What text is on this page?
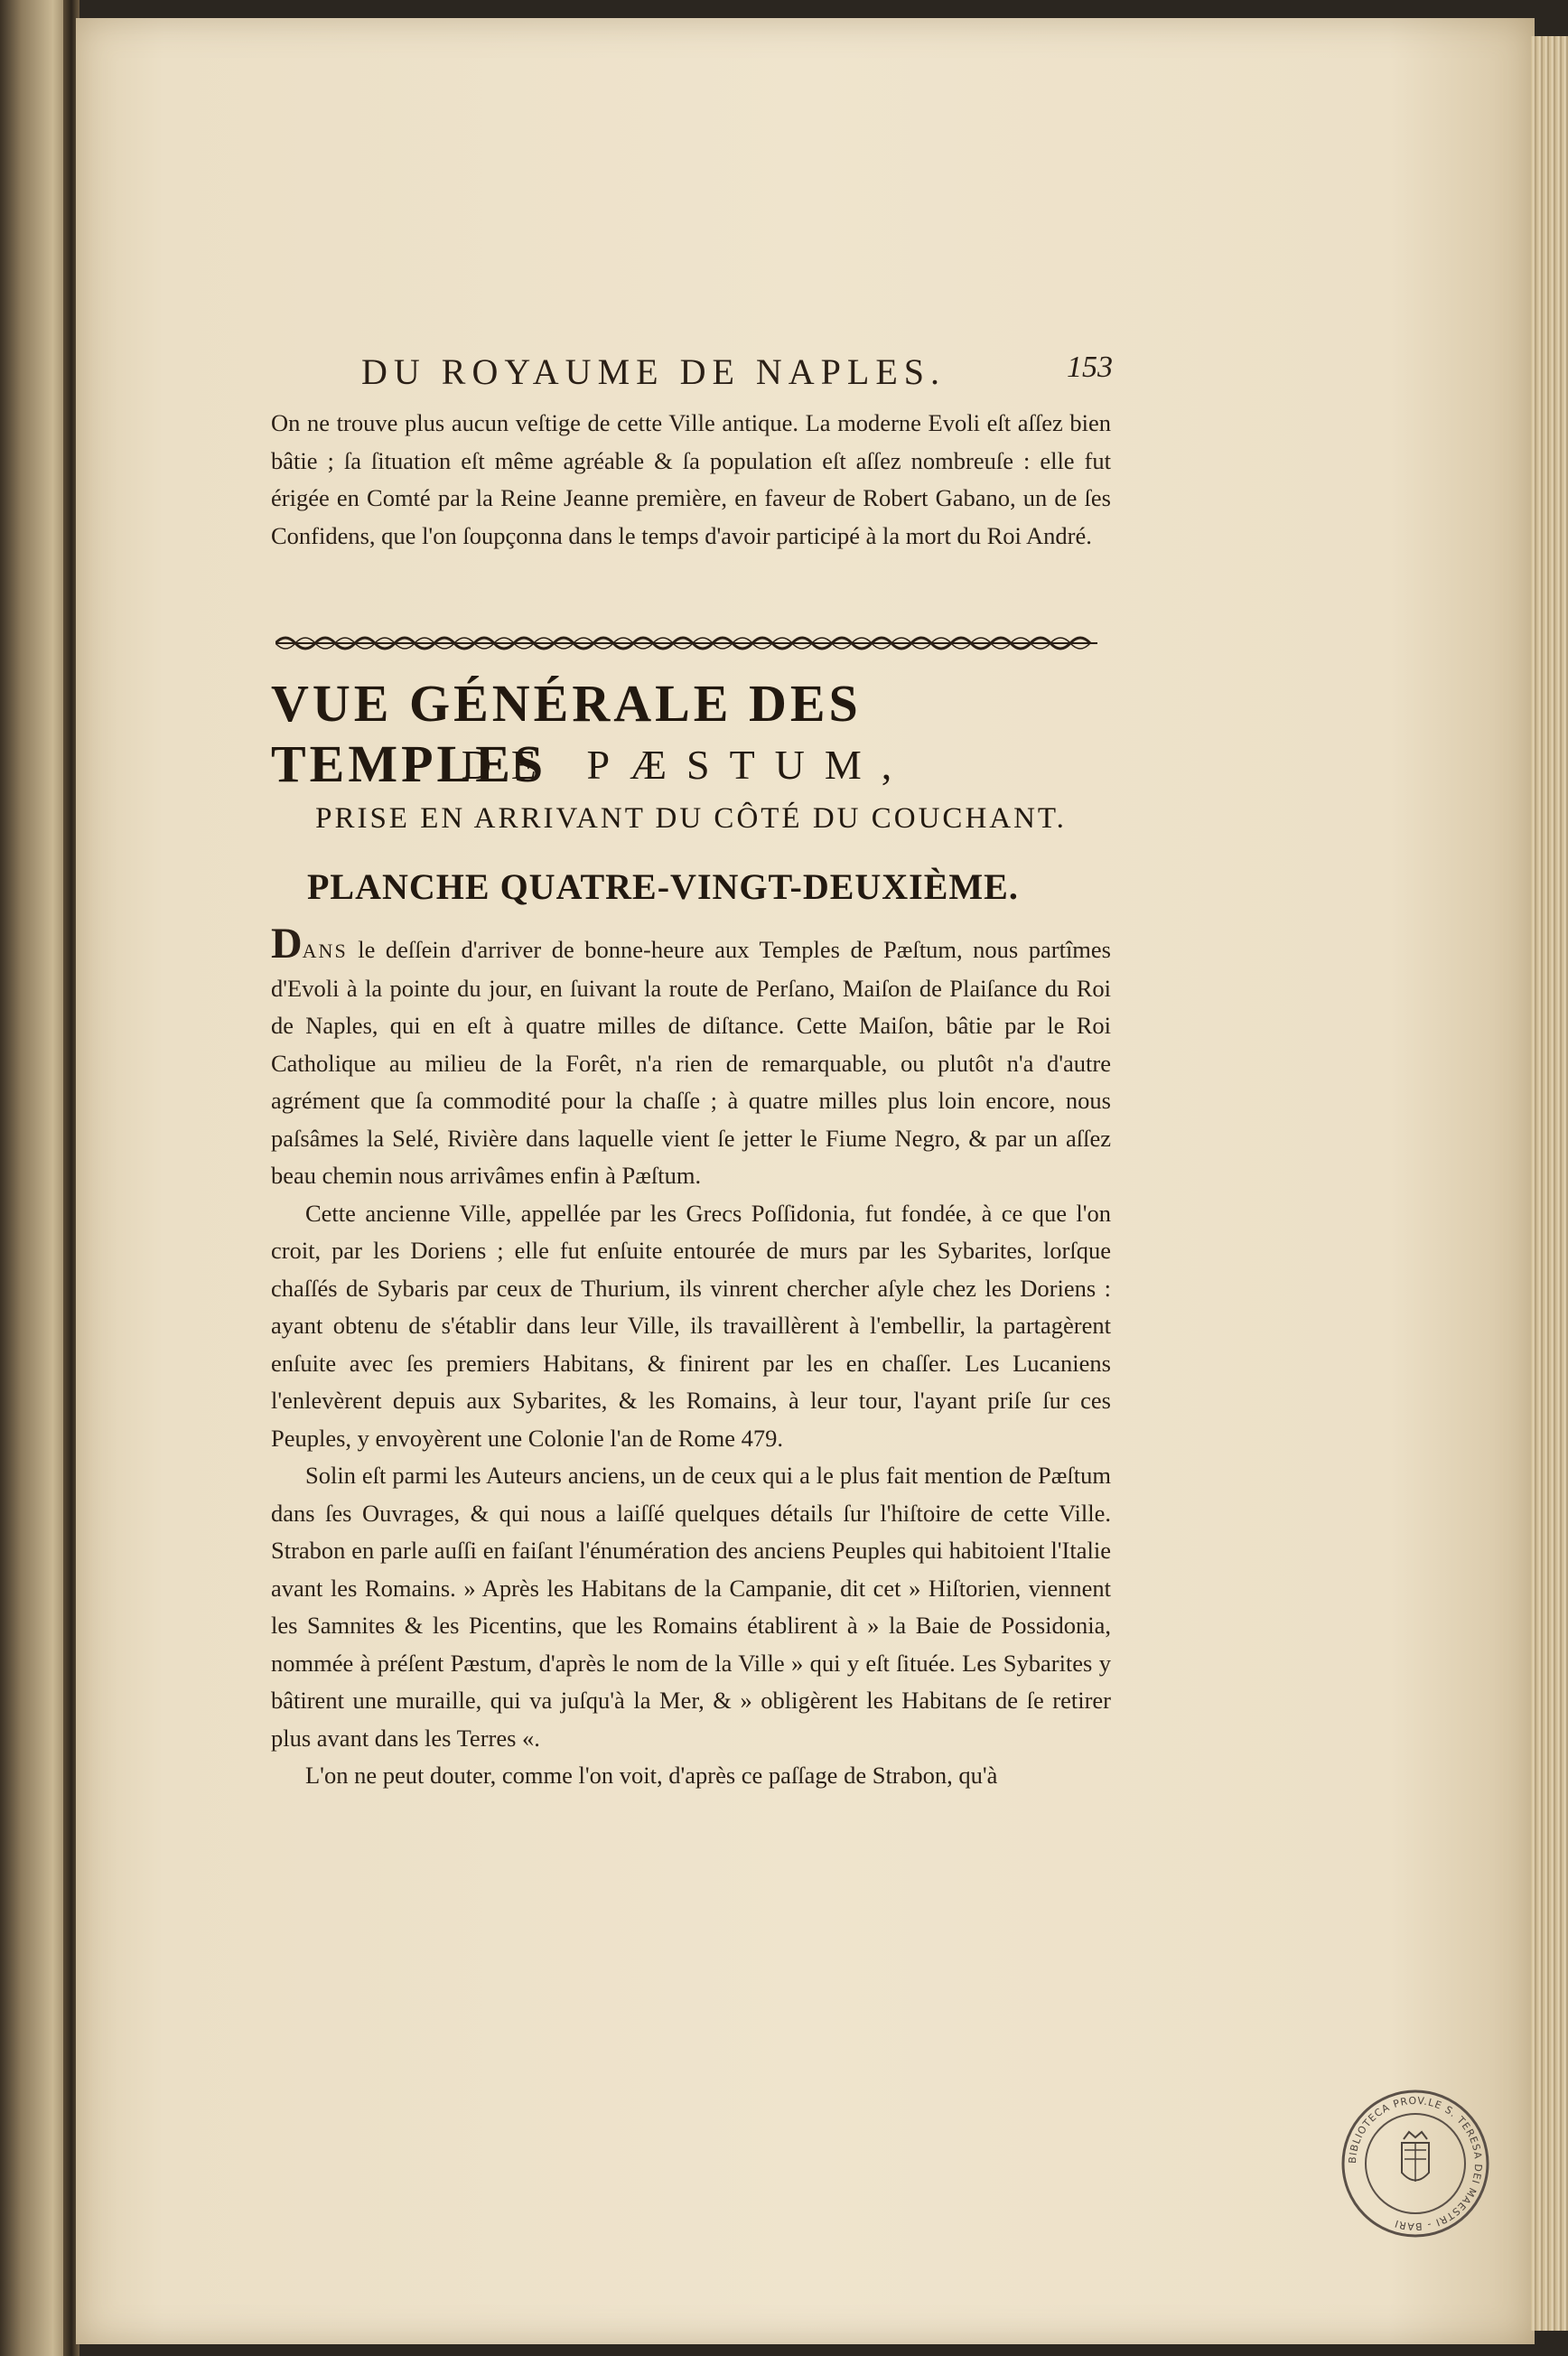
DU ROYAUME DE NAPLES.	153

On ne trouve plus aucun veſtige de cette Ville antique. La moderne Evoli eſt aſſez bien bâtie ; ſa ſituation eſt même agréable & ſa population eſt aſſez nombreuſe : elle fut érigée en Comté par la Reine Jeanne première, en faveur de Robert Gabano, un de ſes Confidens, que l'on ſoupçonna dans le temps d'avoir participé à la mort du Roi André.

VUE GÉNÉRALE DES TEMPLES
DE PÆSTUM,
PRISE EN ARRIVANT DU CÔTÉ DU COUCHANT.
PLANCHE QUATRE-VINGT-DEUXIÈME.

DANS le deſſein d'arriver de bonne-heure aux Temples de Pæſtum, nous partîmes d'Evoli à la pointe du jour, en ſuivant la route de Perſano, Maiſon de Plaiſance du Roi de Naples, qui en eſt à quatre milles de diſtance. Cette Maiſon, bâtie par le Roi Catholique au milieu de la Forêt, n'a rien de remarquable, ou plutôt n'a d'autre agrément que ſa commodité pour la chaſſe ; à quatre milles plus loin encore, nous paſsâmes la Selé, Rivière dans laquelle vient ſe jetter le Fiume Negro, & par un aſſez beau chemin nous arrivâmes enfin à Pæſtum.

Cette ancienne Ville, appellée par les Grecs Poſſidonia, fut fondée, à ce que l'on croit, par les Doriens ; elle fut enſuite entourée de murs par les Sybarites, lorſque chaſſés de Sybaris par ceux de Thurium, ils vinrent chercher aſyle chez les Doriens : ayant obtenu de s'établir dans leur Ville, ils travaillèrent à l'embellir, la partagèrent enſuite avec ſes premiers Habitans, & finirent par les en chaſſer. Les Lucaniens l'enlevèrent depuis aux Sybarites, & les Romains, à leur tour, l'ayant priſe ſur ces Peuples, y envoyèrent une Colonie l'an de Rome 479.

Solin eſt parmi les Auteurs anciens, un de ceux qui a le plus fait mention de Pæſtum dans ſes Ouvrages, & qui nous a laiſſé quelques détails ſur l'hiſtoire de cette Ville. Strabon en parle auſſi en faiſant l'énumération des anciens Peuples qui habitoient l'Italie avant les Romains. » Après les Habitans de la Campanie, dit cet » Hiſtorien, viennent les Samnites & les Picentins, que les Romains établirent à » la Baie de Possidonia, nommée à préſent Pæstum, d'après le nom de la Ville » qui y eſt ſituée. Les Sybarites y bâtirent une muraille, qui va juſqu'à la Mer, & » obligèrent les Habitans de ſe retirer plus avant dans les Terres «.

L'on ne peut douter, comme l'on voit, d'après ce paſſage de Strabon, qu'à

BIBLIOTECA PROV.LE S. TERESA DEI MAESTRI - BARI
